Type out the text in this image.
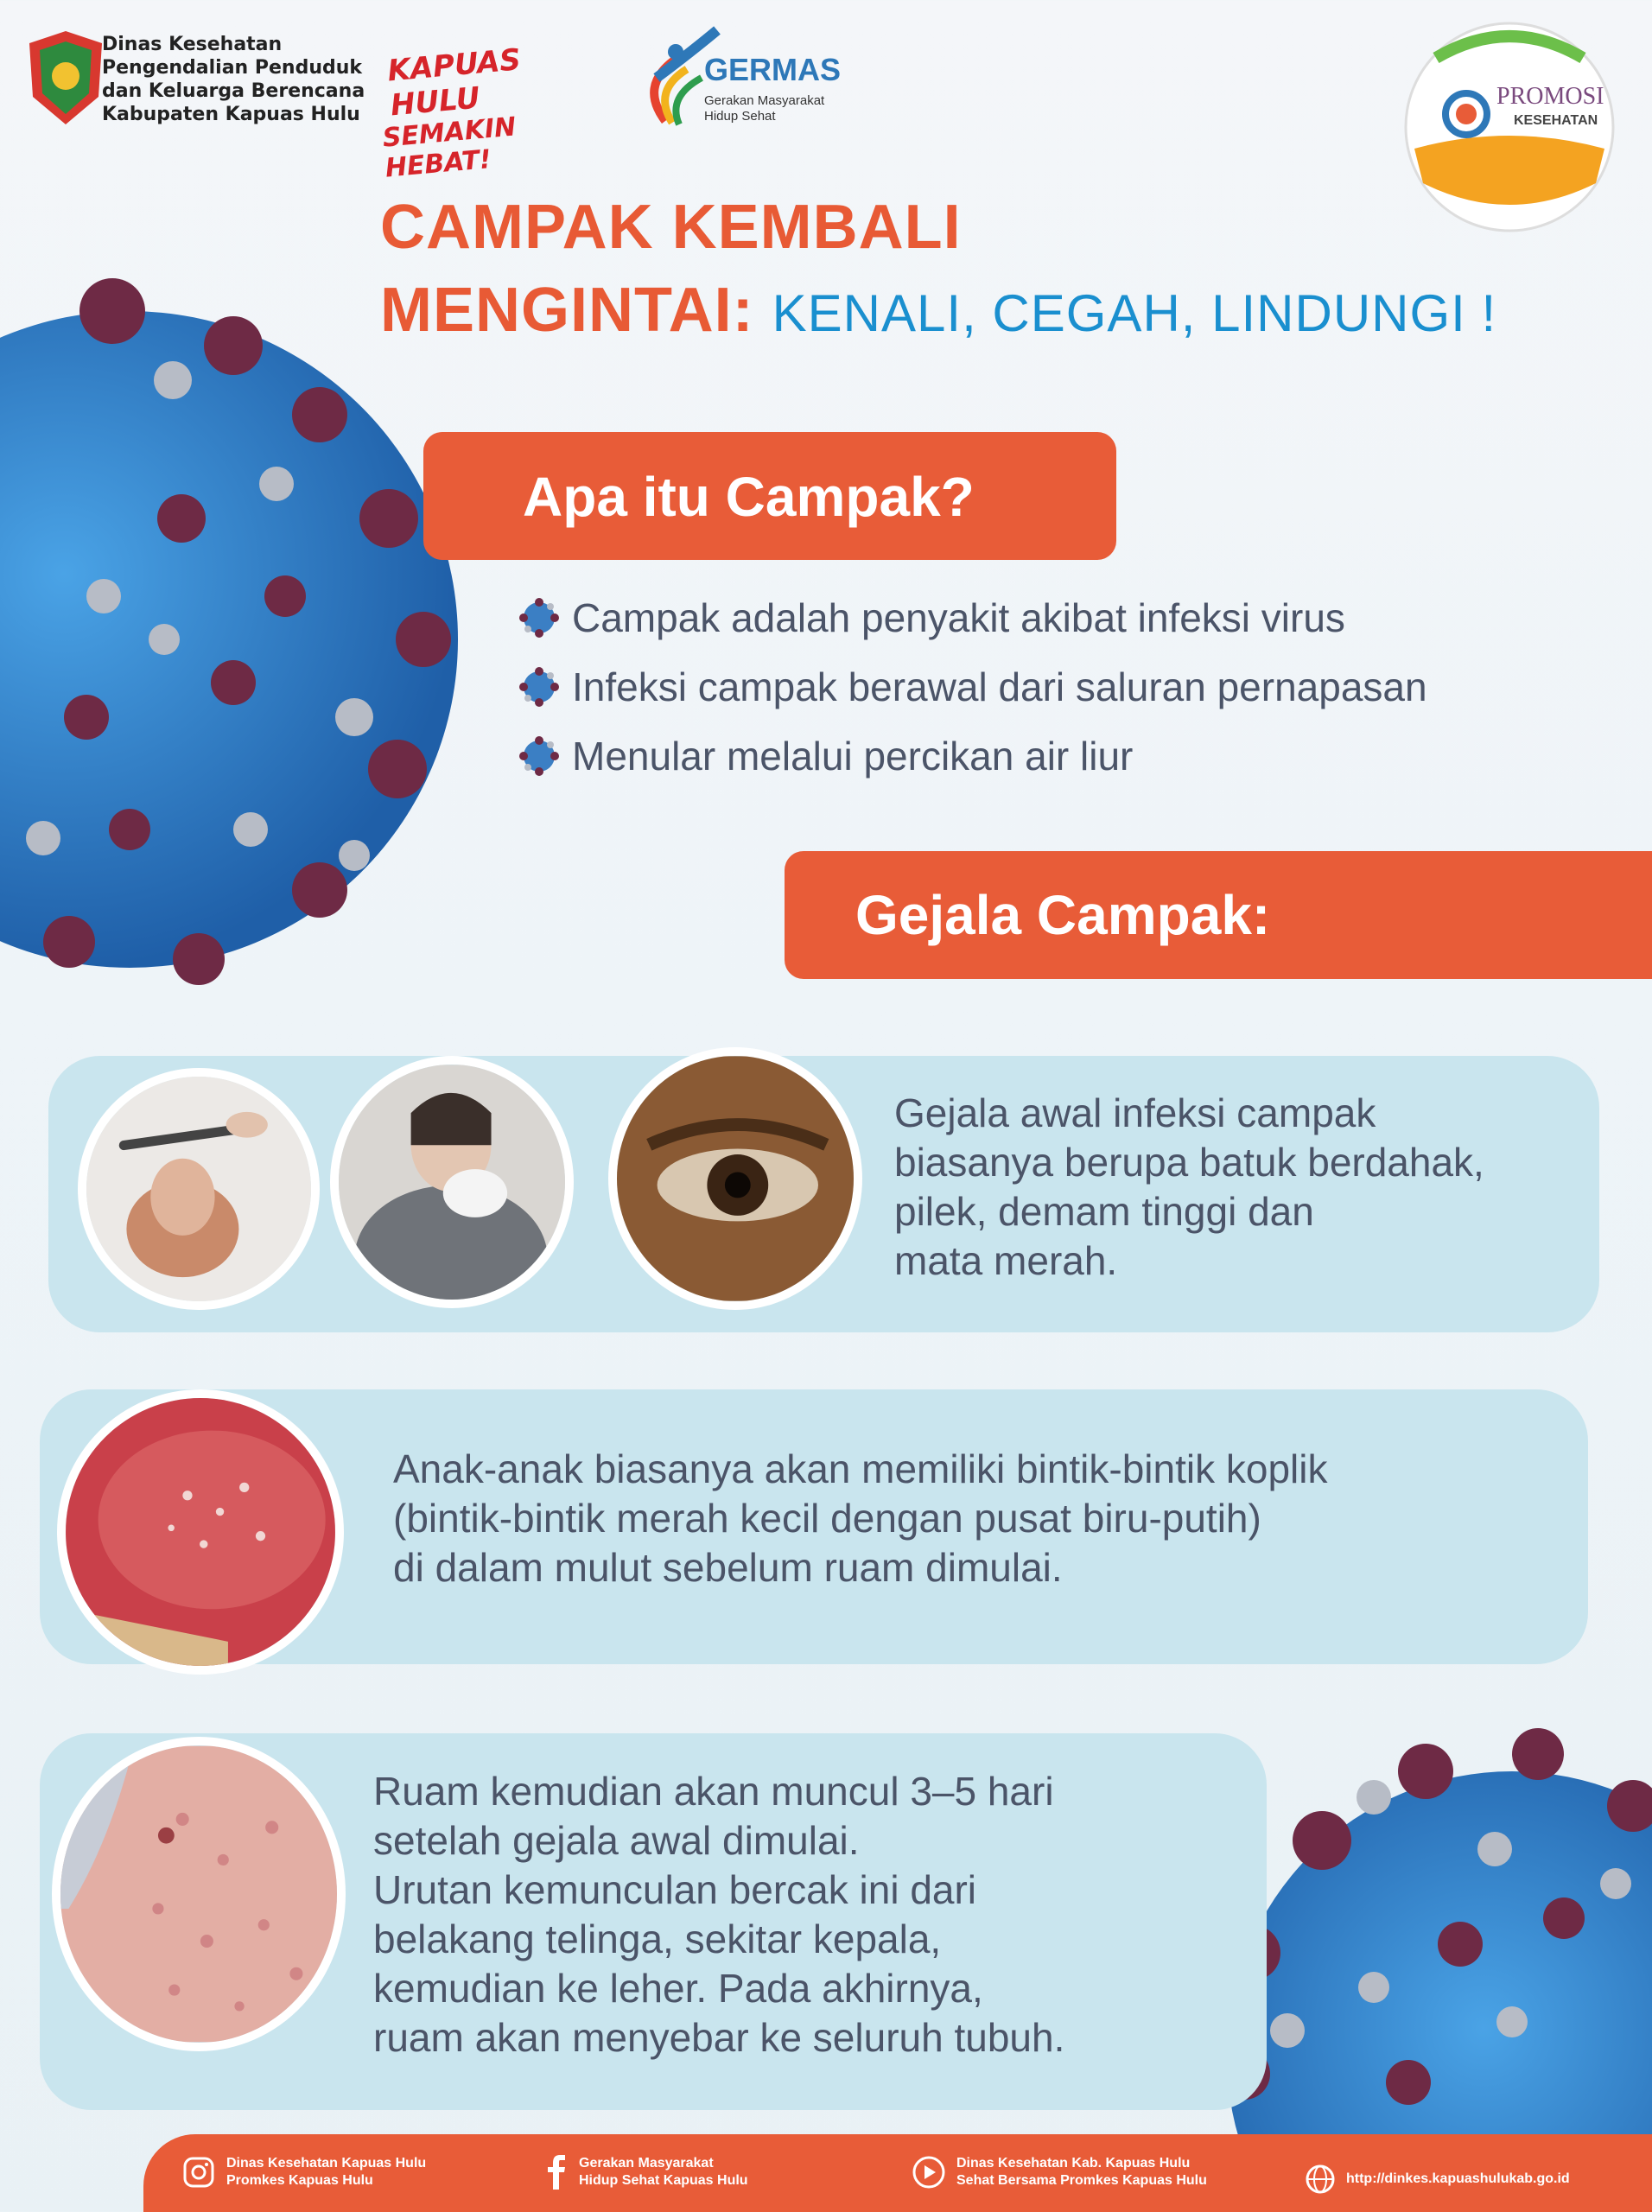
Dinas Kesehatan
Pengendalian Penduduk
dan Keluarga Berencana
Kabupaten Kapuas Hulu
KAPUAS HULU
SEMAKIN HEBAT!
GERMAS
Gerakan Masyarakat
Hidup Sehat
PROMOSI
KESEHATAN
CAMPAK KEMBALI
MENGINTAI: KENALI, CEGAH, LINDUNGI !
Apa itu Campak?
Campak adalah penyakit akibat infeksi virus
Infeksi campak berawal dari saluran pernapasan
Menular melalui percikan air liur
Gejala Campak:
Gejala awal infeksi campak
biasanya berupa batuk berdahak,
pilek, demam tinggi dan
mata merah.
Anak-anak biasanya akan memiliki bintik-bintik koplik
(bintik-bintik merah kecil dengan pusat biru-putih)
di dalam mulut sebelum ruam dimulai.
Ruam kemudian akan muncul 3–5 hari
setelah gejala awal dimulai.
Urutan kemunculan bercak ini dari
belakang telinga, sekitar kepala,
kemudian ke leher. Pada akhirnya,
ruam akan menyebar ke seluruh tubuh.
Dinas Kesehatan Kapuas Hulu
Promkes Kapuas Hulu
Gerakan Masyarakat
Hidup Sehat Kapuas Hulu
Dinas Kesehatan Kab. Kapuas Hulu
Sehat Bersama Promkes Kapuas Hulu	http://dinkes.kapuashulukab.go.id
